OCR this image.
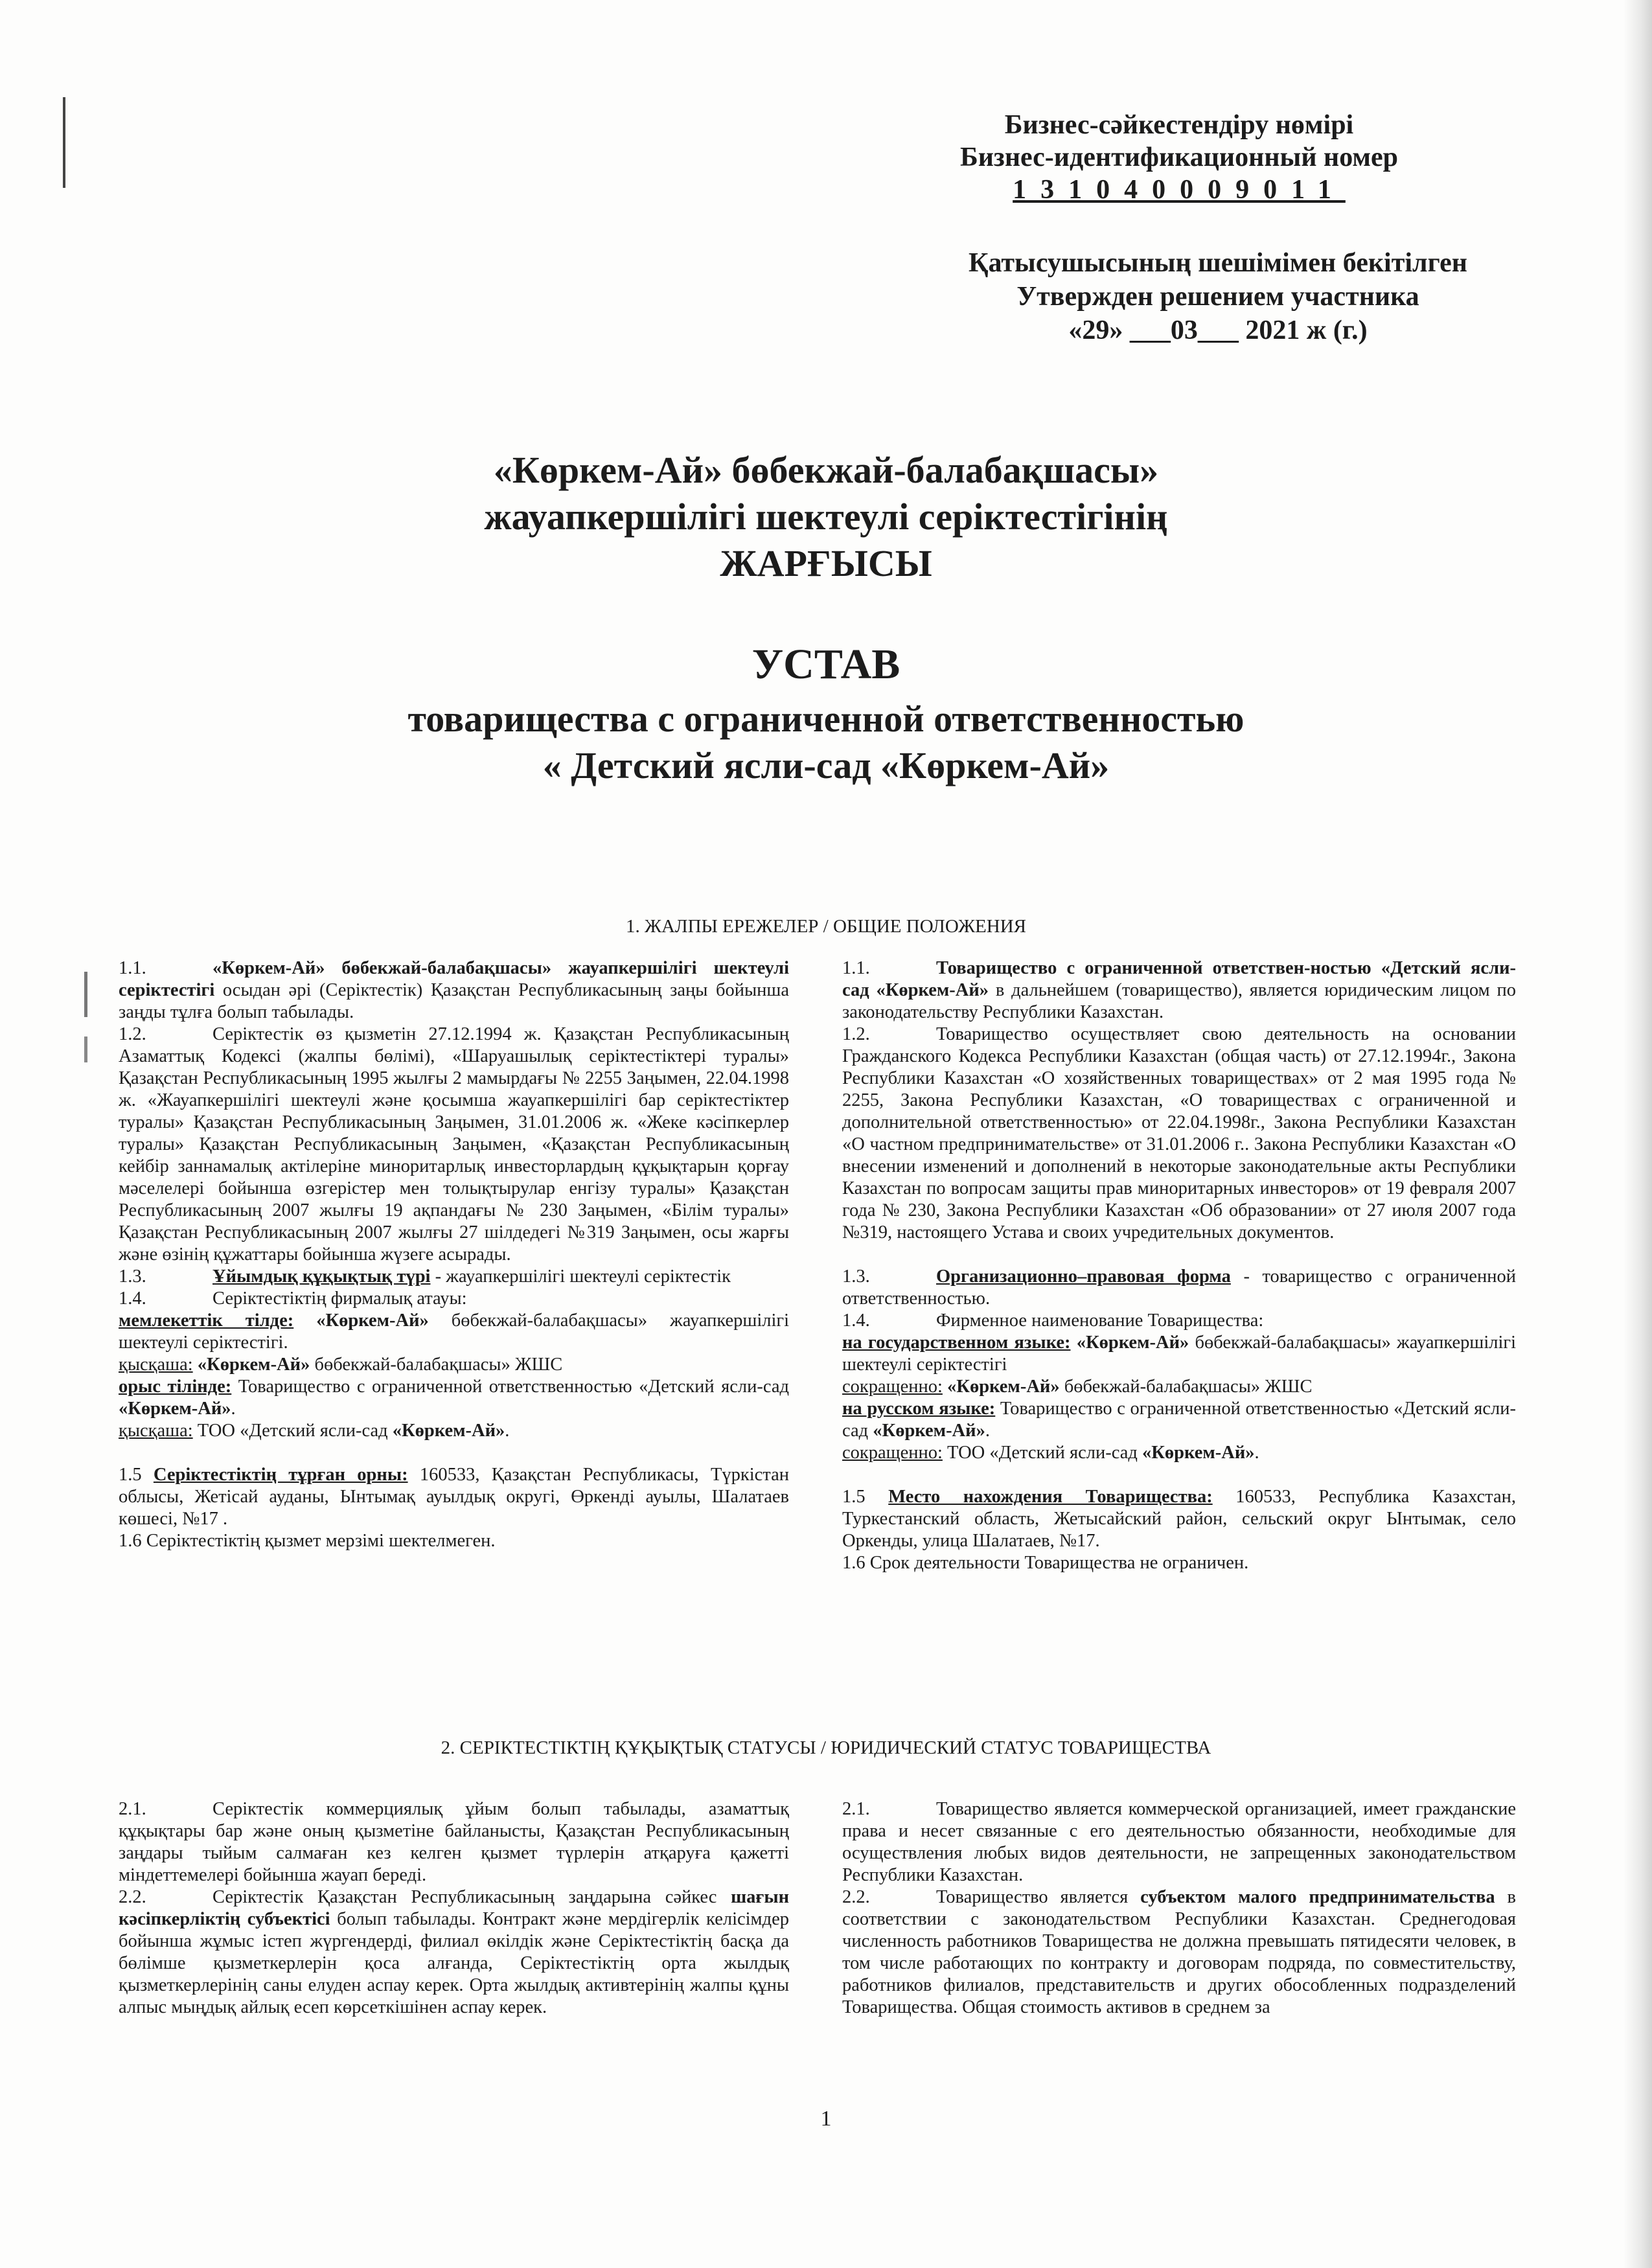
Бизнес-сәйкестендіру нөмірі
Бизнес-идентификационный номер
131040009011
Қатысушысының шешімімен бекітілген
Утвержден решением участника
«29» ___03___ 2021 ж (г.)
«Көркем-Ай» бөбекжай-балабақшасы»
жауапкершілігі шектеулі серіктестігінің
ЖАРҒЫСЫ
УСТАВ
товарищества с ограниченной ответственностью
« Детский ясли-сад «Көркем-Ай»
1. ЖАЛПЫ ЕРЕЖЕЛЕР / ОБЩИЕ ПОЛОЖЕНИЯ

1.1.	«Көркем-Ай» бөбекжай-балабақшасы» жауапкершілігі шектеулі серіктестігі осыдан әрі (Серіктестік) Қазақстан Республикасының заңы бойынша заңды тұлға болып табылады.

1.2.	Серіктестік өз қызметін 27.12.1994 ж. Қазақстан Республикасының Азаматтық Кодексі (жалпы бөлімі), «Шаруашылық серіктестіктері туралы» Қазақстан Республикасының 1995 жылғы 2 мамырдағы № 2255 Заңымен, 22.04.1998 ж. «Жауапкершілігі шектеулі және қосымша жауапкершілігі бар серіктестіктер туралы» Қазақстан Республикасының Заңымен, 31.01.2006 ж. «Жеке кәсіпкерлер туралы» Қазақстан Республикасының Заңымен, «Қазақстан Республикасының кейбір заннамалық актілеріне миноритарлық инвесторлардың құқықтарын қорғау мәселелері бойынша өзгерістер мен толықтырулар енгізу туралы» Қазақстан Республикасының 2007 жылғы 19 ақпандағы № 230 Заңымен, «Білім туралы» Қазақстан Республикасының 2007 жылғы 27 шілдедегі №319 Заңымен, осы жарғы және өзінің құжаттары бойынша жүзеге асырады.

1.3.	Ұйымдық құқықтық түрі - жауапкершілігі шектеулі серіктестік

1.4.	Серіктестіктің фирмалық атауы:

мемлекеттік тілде: «Көркем-Ай» бөбекжай-балабақшасы» жауапкершілігі шектеулі серіктестігі.

қысқаша: «Көркем-Ай» бөбекжай-балабақшасы» ЖШС

орыс тілінде: Товарищество с ограниченной ответственностью «Детский ясли-сад «Көркем-Ай».

қысқаша: ТОО «Детский ясли-сад «Көркем-Ай».

1.5 Серіктестіктің тұрған орны: 160533, Қазақстан Республикасы, Түркістан облысы, Жетісай ауданы, Ынтымақ ауылдық округі, Өркенді ауылы, Шалатаев көшесі, №17 .

1.6 Серіктестіктің қызмет мерзімі шектелмеген.

1.1.	Товарищество с ограниченной ответствен-ностью «Детский ясли-сад «Көркем-Ай» в дальнейшем (товарищество), является юридическим лицом по законодательству Республики Казахстан.

1.2.	Товарищество осуществляет свою деятельность на основании Гражданского Кодекса Республики Казахстан (общая часть) от 27.12.1994г., Закона Республики Казахстан «О хозяйственных товариществах» от 2 мая 1995 года № 2255, Закона Республики Казахстан, «О товариществах с ограниченной и дополнительной ответственностью» от 22.04.1998г., Закона Республики Казахстан «О частном предпринимательстве» от 31.01.2006 г.. Закона Республики Казахстан «О внесении изменений и дополнений в некоторые законодательные акты Республики Казахстан по вопросам защиты прав миноритарных инвесторов» от 19 февраля 2007 года № 230, Закона Республики Казахстан «Об образовании» от 27 июля 2007 года №319, настоящего Устава и своих учредительных документов.

1.3.	Организационно–правовая форма - товарищество с ограниченной ответственностью.

1.4.	Фирменное наименование Товарищества:

на государственном языке: «Көркем-Ай» бөбекжай-балабақшасы» жауапкершілігі шектеулі серіктестігі

сокращенно: «Көркем-Ай» бөбекжай-балабақшасы» ЖШС

на русском языке: Товарищество с ограниченной ответственностью «Детский ясли-сад «Көркем-Ай».

сокращенно: ТОО «Детский ясли-сад «Көркем-Ай».

1.5 Место нахождения Товарищества: 160533, Республика Казахстан, Туркестанский область, Жетысайский район, сельский округ Ынтымак, село Оркенды, улица Шалатаев, №17.

1.6 Срок деятельности Товарищества не ограничен.

2. СЕРІКТЕСТІКТІҢ ҚҰҚЫҚТЫҚ СТАТУСЫ / ЮРИДИЧЕСКИЙ СТАТУС ТОВАРИЩЕСТВА

2.1.	Серіктестік коммерциялық ұйым болып табылады, азаматтық құқықтары бар және оның қызметіне байланысты, Қазақстан Республикасының заңдары тыйым салмаған кез келген қызмет түрлерін атқаруға қажетті міндеттемелері бойынша жауап береді.

2.2.	Серіктестік Қазақстан Республикасының заңдарына сәйкес шағын кәсіпкерліктің субъектісі болып табылады. Контракт және мердігерлік келісімдер бойынша жұмыс істеп жүргендерді, филиал өкілдік және Серіктестіктің басқа да бөлімше қызметкерлерін қоса алғанда, Серіктестіктің орта жылдық қызметкерлерінің саны елуден аспау керек. Орта жылдық активтерінің жалпы құны алпыс мыңдық айлық есеп көрсеткішінен аспау керек.

2.1.	Товарищество является коммерческой организацией, имеет гражданские права и несет связанные с его деятельностью обязанности, необходимые для осуществления любых видов деятельности, не запрещенных законодательством Республики Казахстан.

2.2.	Товарищество является субъектом малого предпринимательства в соответствии с законодательством Республики Казахстан. Среднегодовая численность работников Товарищества не должна превышать пятидесяти человек, в том числе работающих по контракту и договорам подряда, по совместительству, работников филиалов, представительств и других обособленных подразделений Товарищества. Общая стоимость активов в среднем за

1
